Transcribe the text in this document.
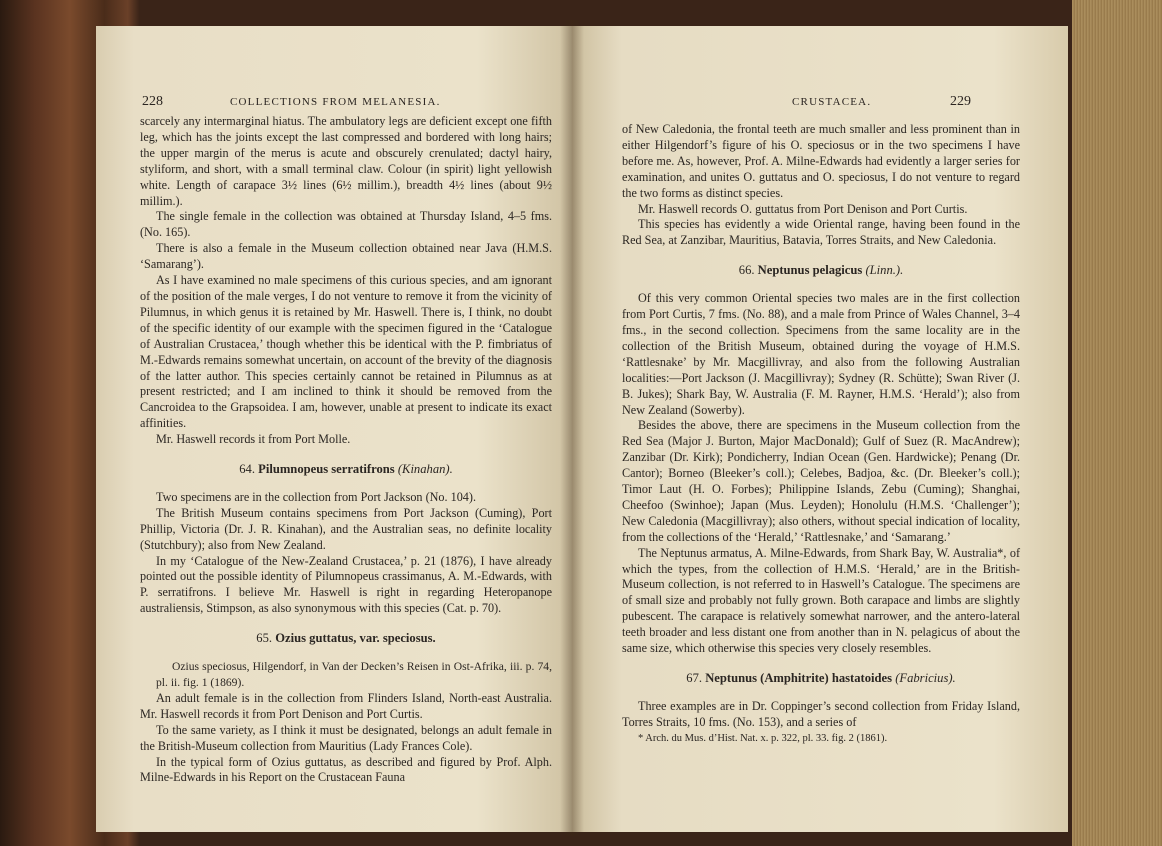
228	COLLECTIONS FROM MELANESIA.

scarcely any intermarginal hiatus. The ambulatory legs are deficient except one fifth leg, which has the joints except the last compressed and bordered with long hairs; the upper margin of the merus is acute and obscurely crenulated; dactyl hairy, styliform, and short, with a small terminal claw. Colour (in spirit) light yellowish white. Length of carapace 3½ lines (6½ millim.), breadth 4½ lines (about 9½ millim.).

The single female in the collection was obtained at Thursday Island, 4–5 fms. (No. 165).

There is also a female in the Museum collection obtained near Java (H.M.S. ‘Samarang’).

As I have examined no male specimens of this curious species, and am ignorant of the position of the male verges, I do not venture to remove it from the vicinity of Pilumnus, in which genus it is retained by Mr. Haswell. There is, I think, no doubt of the specific identity of our example with the specimen figured in the ‘Catalogue of Australian Crustacea,’ though whether this be identical with the P. fimbriatus of M.-Edwards remains somewhat uncertain, on account of the brevity of the diagnosis of the latter author. This species certainly cannot be retained in Pilumnus as at present restricted; and I am inclined to think it should be removed from the Cancroidea to the Grapsoidea. I am, however, unable at present to indicate its exact affinities.

Mr. Haswell records it from Port Molle.

64. Pilumnopeus serratifrons (Kinahan).

Two specimens are in the collection from Port Jackson (No. 104).

The British Museum contains specimens from Port Jackson (Cuming), Port Phillip, Victoria (Dr. J. R. Kinahan), and the Australian seas, no definite locality (Stutchbury); also from New Zealand.

In my ‘Catalogue of the New-Zealand Crustacea,’ p. 21 (1876), I have already pointed out the possible identity of Pilumnopeus crassimanus, A. M.-Edwards, with P. serratifrons. I believe Mr. Haswell is right in regarding Heteropanope australiensis, Stimpson, as also synonymous with this species (Cat. p. 70).

65. Ozius guttatus, var. speciosus.

Ozius speciosus, Hilgendorf, in Van der Decken’s Reisen in Ost-Afrika, iii. p. 74, pl. ii. fig. 1 (1869).

An adult female is in the collection from Flinders Island, North-east Australia. Mr. Haswell records it from Port Denison and Port Curtis.

To the same variety, as I think it must be designated, belongs an adult female in the British-Museum collection from Mauritius (Lady Frances Cole).

In the typical form of Ozius guttatus, as described and figured by Prof. Alph. Milne-Edwards in his Report on the Crustacean Fauna

CRUSTACEA.	229

of New Caledonia, the frontal teeth are much smaller and less prominent than in either Hilgendorf’s figure of his O. speciosus or in the two specimens I have before me. As, however, Prof. A. Milne-Edwards had evidently a larger series for examination, and unites O. guttatus and O. speciosus, I do not venture to regard the two forms as distinct species.

Mr. Haswell records O. guttatus from Port Denison and Port Curtis.

This species has evidently a wide Oriental range, having been found in the Red Sea, at Zanzibar, Mauritius, Batavia, Torres Straits, and New Caledonia.

66. Neptunus pelagicus (Linn.).

Of this very common Oriental species two males are in the first collection from Port Curtis, 7 fms. (No. 88), and a male from Prince of Wales Channel, 3–4 fms., in the second collection. Specimens from the same locality are in the collection of the British Museum, obtained during the voyage of H.M.S. ‘Rattlesnake’ by Mr. Macgillivray, and also from the following Australian localities:—Port Jackson (J. Macgillivray); Sydney (R. Schütte); Swan River (J. B. Jukes); Shark Bay, W. Australia (F. M. Rayner, H.M.S. ‘Herald’); also from New Zealand (Sowerby).

Besides the above, there are specimens in the Museum collection from the Red Sea (Major J. Burton, Major MacDonald); Gulf of Suez (R. MacAndrew); Zanzibar (Dr. Kirk); Pondicherry, Indian Ocean (Gen. Hardwicke); Penang (Dr. Cantor); Borneo (Bleeker’s coll.); Celebes, Badjoa, &c. (Dr. Bleeker’s coll.); Timor Laut (H. O. Forbes); Philippine Islands, Zebu (Cuming); Shanghai, Cheefoo (Swinhoe); Japan (Mus. Leyden); Honolulu (H.M.S. ‘Challenger’); New Caledonia (Macgillivray); also others, without special indication of locality, from the collections of the ‘Herald,’ ‘Rattlesnake,’ and ‘Samarang.’

The Neptunus armatus, A. Milne-Edwards, from Shark Bay, W. Australia*, of which the types, from the collection of H.M.S. ‘Herald,’ are in the British-Museum collection, is not referred to in Haswell’s Catalogue. The specimens are of small size and probably not fully grown. Both carapace and limbs are slightly pubescent. The carapace is relatively somewhat narrower, and the antero-lateral teeth broader and less distant one from another than in N. pelagicus of about the same size, which otherwise this species very closely resembles.

67. Neptunus (Amphitrite) hastatoides (Fabricius).

Three examples are in Dr. Coppinger’s second collection from Friday Island, Torres Straits, 10 fms. (No. 153), and a series of

* Arch. du Mus. d’Hist. Nat. x. p. 322, pl. 33. fig. 2 (1861).
